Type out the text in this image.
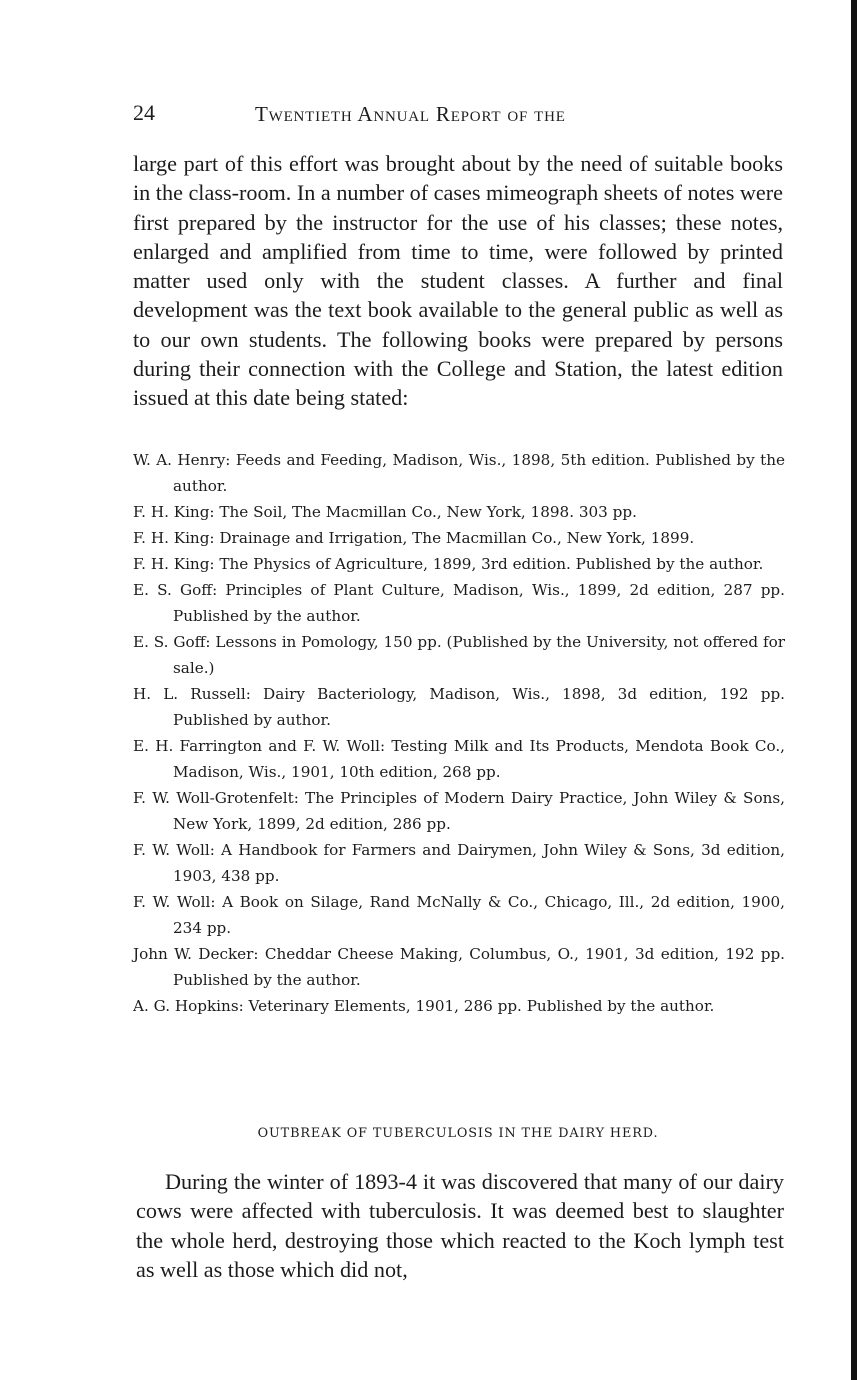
24	Twentieth Annual Report of the

large part of this effort was brought about by the need of suitable books in the class-room. In a number of cases mimeograph sheets of notes were first prepared by the instructor for the use of his classes; these notes, enlarged and amplified from time to time, were followed by printed matter used only with the student classes. A further and final development was the text book available to the general public as well as to our own students. The following books were prepared by persons during their connection with the College and Station, the latest edition issued at this date being stated:

W. A. Henry: Feeds and Feeding, Madison, Wis., 1898, 5th edition. Published by the author.
F. H. King: The Soil, The Macmillan Co., New York, 1898. 303 pp.
F. H. King: Drainage and Irrigation, The Macmillan Co., New York, 1899.
F. H. King: The Physics of Agriculture, 1899, 3rd edition. Published by the author.
E. S. Goff: Principles of Plant Culture, Madison, Wis., 1899, 2d edition, 287 pp. Published by the author.
E. S. Goff: Lessons in Pomology, 150 pp. (Published by the University, not offered for sale.)
H. L. Russell: Dairy Bacteriology, Madison, Wis., 1898, 3d edition, 192 pp. Published by author.
E. H. Farrington and F. W. Woll: Testing Milk and Its Products, Mendota Book Co., Madison, Wis., 1901, 10th edition, 268 pp.
F. W. Woll-Grotenfelt: The Principles of Modern Dairy Practice, John Wiley & Sons, New York, 1899, 2d edition, 286 pp.
F. W. Woll: A Handbook for Farmers and Dairymen, John Wiley & Sons, 3d edition, 1903, 438 pp.
F. W. Woll: A Book on Silage, Rand McNally & Co., Chicago, Ill., 2d edition, 1900, 234 pp.
John W. Decker: Cheddar Cheese Making, Columbus, O., 1901, 3d edition, 192 pp. Published by the author.
A. G. Hopkins: Veterinary Elements, 1901, 286 pp. Published by the author.
OUTBREAK OF TUBERCULOSIS IN THE DAIRY HERD.

During the winter of 1893-4 it was discovered that many of our dairy cows were affected with tuberculosis. It was deemed best to slaughter the whole herd, destroying those which reacted to the Koch lymph test as well as those which did not,
